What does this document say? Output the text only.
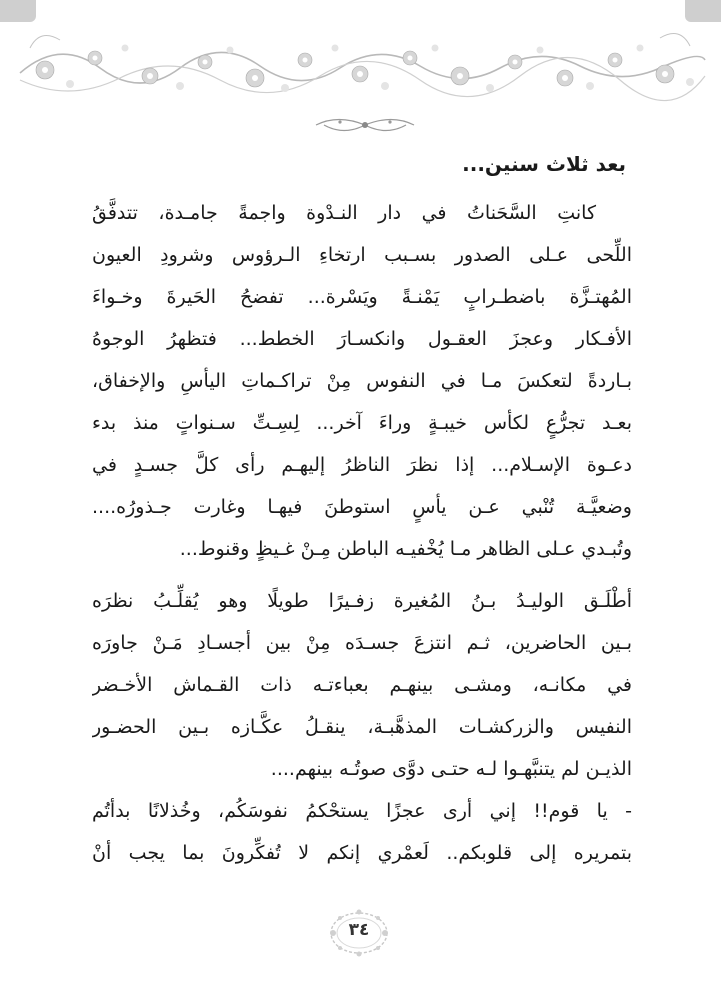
بعد ثلاث سنين...
كانتِ السَّحَناتُ في دار النـدْوة واجمةً جامـدة، تتدفَّقُ
اللِّحى عـلى الصدور بسـبب ارتخاءِ الـرؤوس وشرودِ العيون
المُهتـزَّة باضطـرابٍ يَمْنـةً ويَسْرة... تفضحُ الحَيرةَ وخـواءَ
الأفـكار وعجزَ العقـول وانكسـارَ الخطط... فتظهرُ الوجوهُ
بـاردةً لتعكسَ مـا في النفوس مِنْ تراكـماتِ اليأسِ والإخفاق،
بعـد تجرُّعٍ لكأس خيبـةٍ وراءَ آخر... لِسِـتِّ سـنواتٍ منذ بدء
دعـوة الإسـلام... إذا نظرَ الناظرُ إليهـم رأى كلَّ جسـدٍ في
وضعيَّـة تُنْبي عـن يأسٍ استوطنَ فيهـا وغارت جـذورُه....
وتُبـدي عـلى الظاهر مـا يُخْفيـه الباطن مِـنْ غـيظٍ وقنوط...
أطْلَـق الوليـدُ بـنُ المُغيرة زفـيرًا طويلًا وهو يُقلِّـبُ نظرَه
بـين الحاضرين، ثـم انتزعَ جسـدَه مِنْ بين أجسـادِ مَـنْ جاورَه
في مكانـه، ومشـى بينهـم بعباءتـه ذات القـماش الأخـضر
النفيس والزركشـات المذهَّبـة، ينقـلُ عكَّـازه بـين الحضـور
الذيـن لم يتنبَّهـوا لـه حتـى دوَّى صوتُـه بينهم....
- يا قوم!! إني أرى عجزًا يستحْكمُ نفوسَكُم، وخُذلانًا بدأتُم
بتمريره إلى قلوبكم.. لَعمْري إنكم لا تُفكِّرونَ بما يجب أنْ
٣٤
